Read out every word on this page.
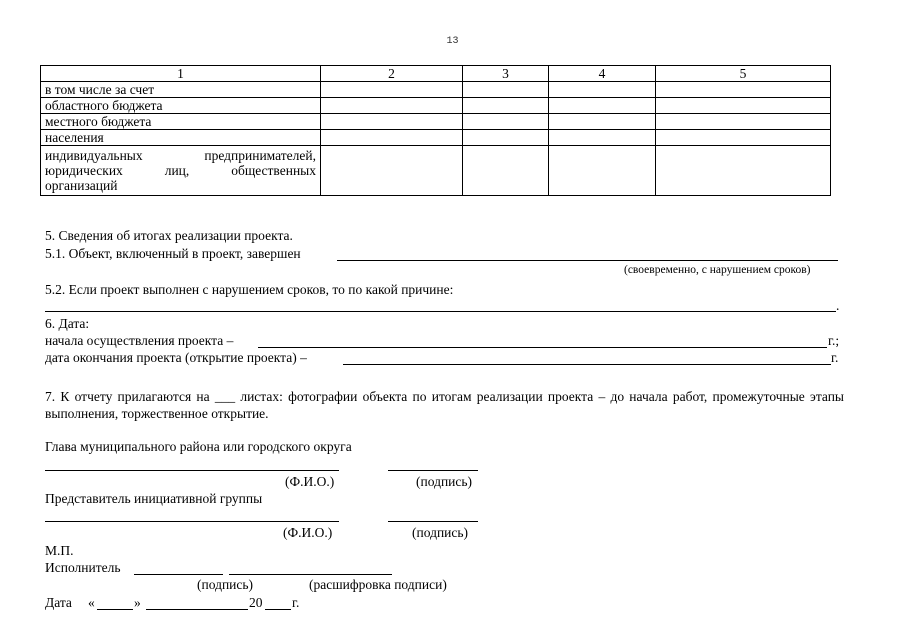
13
1	2	3	4	5
в том числе за счет				
областного бюджета				
местного бюджета				
населения				

индивидуальных предпринимателей,
юридических лиц, общественных
организаций				

5. Сведения об итогах реализации проекта.
5.1. Объект, включенный в проект, завершен
(своевременно, с нарушением сроков)
5.2. Если проект выполнен с нарушением сроков, то по какой причине:
.
6. Дата:
начала осуществления проекта –	г.;
дата окончания проекта (открытие проекта) –	г.

7. К отчету прилагаются на ___ листах: фотографии объекта по итогам реализации проекта – до начала работ, промежуточные этапы выполнения, торжественное открытие.

Глава муниципального района или городского округа
(Ф.И.О.)	(подпись)
Представитель инициативной группы
(Ф.И.О.)	(подпись)
М.П.
Исполнитель
(подпись)	(расшифровка подписи)
Дата «	»	20 г.
